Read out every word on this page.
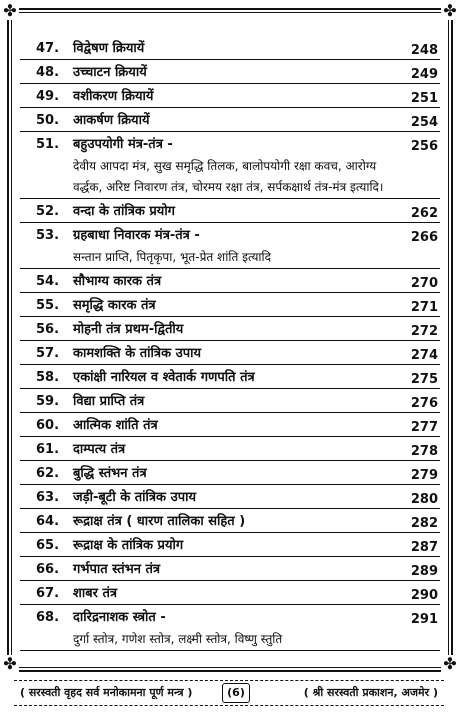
✤	✤
✤	✤
47. विद्वेषण क्रियायें	248
48. उच्चाटन क्रियायें	249
49. वशीकरण क्रियायें	251
50. आकर्षण क्रियायें	254
51. बहुउपयोगी मंत्र-तंत्र -	256
देवीय आपदा मंत्र, सुख समृद्धि तिलक, बालोपयोगी रक्षा कवच, आरोग्य
वर्द्धक, अरिष्ट निवारण तंत्र, चोरमय रक्षा तंत्र, सर्पकक्षार्थ तंत्र-मंत्र इत्यादि।
52. वन्दा के तांत्रिक प्रयोग	262
53. ग्रहबाधा निवारक मंत्र-तंत्र -	266
सन्तान प्राप्ति, पितृकृपा, भूत-प्रेत शांति इत्यादि
54. सौभाग्य कारक तंत्र	270
55. समृद्धि कारक तंत्र	271
56. मोहनी तंत्र प्रथम-द्वितीय	272
57. कामशक्ति के तांत्रिक उपाय	274
58. एकांक्षी नारियल व श्वेतार्क गणपति तंत्र	275
59. विद्या प्राप्ति तंत्र	276
60. आत्मिक शांति तंत्र	277
61. दाम्पत्य तंत्र	278
62. बुद्धि स्तंभन तंत्र	279
63. जड़ी-बूटी के तांत्रिक उपाय	280
64. रूद्राक्ष तंत्र ( धारण तालिका सहित )	282
65. रूद्राक्ष के तांत्रिक प्रयोग	287
66. गर्भपात स्तंभन तंत्र	289
67. शाबर तंत्र	290
68. दारिद्रनाशक स्त्रोत -	291
दुर्गा स्तोत्र, गणेश स्तोत्र, लक्ष्मी स्तोत्र, विष्णु स्तुति
( सरस्वती वृहद सर्व मनोकामना पूर्ण मन्त्र )	(6)	( श्री सरस्वती प्रकाशन, अजमेर )
